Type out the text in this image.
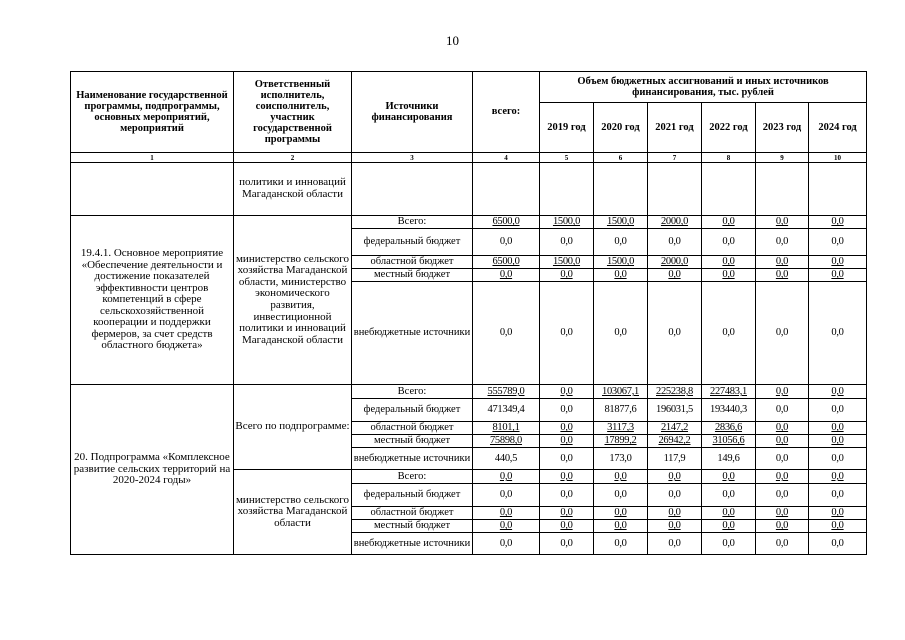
10
Наименование государственной программы, подпрограммы, основных мероприятий, мероприятий	Ответственный исполнитель, соисполнитель, участник государственной программы	Источники финансирования	всего:	Объем бюджетных ассигнований и иных источников финансирования, тыс. рублей					
				2019 год	2020 год	2021 год	2022 год	2023 год	2024 год
1	2	3	4	5	6	7	8	9	10
	политики и инноваций Магаданской области								
19.4.1. Основное мероприятие «Обеспечение деятельности и достижение показателей эффективности центров компетенций в сфере сельскохозяйственной кооперации и поддержки фермеров, за счет средств областного бюджета»	министерство сельского хозяйства Магаданской области, министерство экономического развития, инвестиционной политики и инноваций Магаданской области	Всего:	6500,0	1500,0	1500,0	2000,0	0,0	0,0	0,0
		федеральный бюджет	0,0	0,0	0,0	0,0	0,0	0,0	0,0
		областной бюджет	6500,0	1500,0	1500,0	2000,0	0,0	0,0	0,0
		местный бюджет	0,0	0,0	0,0	0,0	0,0	0,0	0,0
		внебюджетные источники	0,0	0,0	0,0	0,0	0,0	0,0	0,0
20. Подпрограмма «Комплексное развитие сельских территорий на 2020-2024 годы»	Всего по подпрограмме:	Всего:	555789,0	0,0	103067,1	225238,8	227483,1	0,0	0,0
		федеральный бюджет	471349,4	0,0	81877,6	196031,5	193440,3	0,0	0,0
		областной бюджет	8101,1	0,0	3117,3	2147,2	2836,6	0,0	0,0
		местный бюджет	75898,0	0,0	17899,2	26942,2	31056,6	0,0	0,0
		внебюджетные источники	440,5	0,0	173,0	117,9	149,6	0,0	0,0
	министерство сельского хозяйства Магаданской области	Всего:	0,0	0,0	0,0	0,0	0,0	0,0	0,0
		федеральный бюджет	0,0	0,0	0,0	0,0	0,0	0,0	0,0
		областной бюджет	0,0	0,0	0,0	0,0	0,0	0,0	0,0
		местный бюджет	0,0	0,0	0,0	0,0	0,0	0,0	0,0
		внебюджетные источники	0,0	0,0	0,0	0,0	0,0	0,0	0,0
